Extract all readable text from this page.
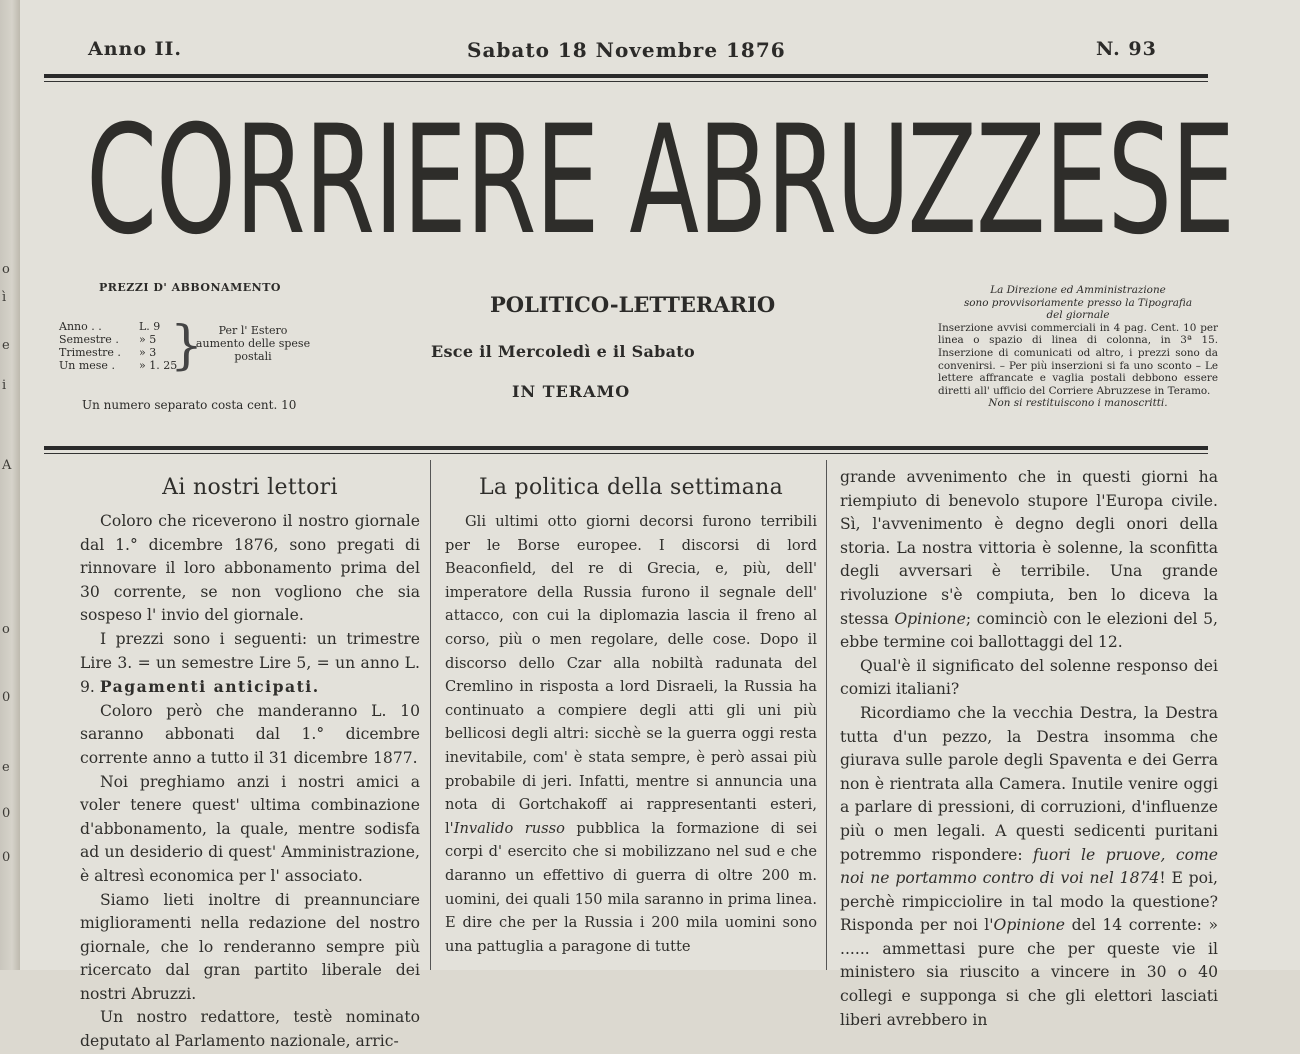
o
ì
e
i
A
o
0
e
0
0
Anno II.	Sabato 18 Novembre 1876	N. 93
CORRIERE ABRUZZESE
PREZZI D' ABBONAMENTO
Anno . .	L. 9
Semestre .	» 5
Trimestre .	» 3
Un mese .	» 1. 25
}	Per l' Estero aumento delle spese postali
Un numero separato costa cent. 10
POLITICO-LETTERARIO
Esce il Mercoledì e il Sabato
IN TERAMO

La Direzione ed Amministrazione

sono provvisoriamente presso la Tipografia

del giornale

Inserzione avvisi commerciali in 4 pag. Cent. 10 per linea o spazio di linea di colonna, in 3ª 15. Inserzione di comunicati od altro, i prezzi sono da convenirsi. – Per più inserzioni si fa uno sconto – Le lettere affrancate e vaglia postali debbono essere diretti all' ufficio del Corriere Abruzzese in Teramo.

Non si restituiscono i manoscritti.

Ai nostri lettori

Coloro che riceverono il nostro giornale dal 1.° dicembre 1876, sono pregati di rinnovare il loro abbonamento prima del 30 corrente, se non vogliono che sia sospeso l' invio del giornale.

I prezzi sono i seguenti: un trimestre Lire 3. = un semestre Lire 5, = un anno L. 9. Pagamenti anticipati.

Coloro però che manderanno L. 10 saranno abbonati dal 1.° dicembre corrente anno a tutto il 31 dicembre 1877.

Noi preghiamo anzi i nostri amici a voler tenere quest' ultima combinazione d'abbonamento, la quale, mentre sodisfa ad un desiderio di quest' Amministrazione, è altresì economica per l' associato.

Siamo lieti inoltre di preannunciare miglioramenti nella redazione del nostro giornale, che lo renderanno sempre più ricercato dal gran partito liberale dei nostri Abruzzi.

Un nostro redattore, testè nominato deputato al Parlamento nazionale, arric-

La politica della settimana

Gli ultimi otto giorni decorsi furono terribili per le Borse europee. I discorsi di lord Beaconfield, del re di Grecia, e, più, dell' imperatore della Russia furono il segnale dell' attacco, con cui la diplomazia lascia il freno al corso, più o men regolare, delle cose. Dopo il discorso dello Czar alla nobiltà radunata del Cremlino in risposta a lord Disraeli, la Russia ha continuato a compiere degli atti gli uni più bellicosi degli altri: sicchè se la guerra oggi resta inevitabile, com' è stata sempre, è però assai più probabile di jeri. Infatti, mentre si annuncia una nota di Gortchakoff ai rappresentanti esteri, l'Invalido russo pubblica la formazione di sei corpi d' esercito che si mobilizzano nel sud e che daranno un effettivo di guerra di oltre 200 m. uomini, dei quali 150 mila saranno in prima linea. E dire che per la Russia i 200 mila uomini sono una pattuglia a paragone di tutte

grande avvenimento che in questi giorni ha riempiuto di benevolo stupore l'Europa civile. Sì, l'avvenimento è degno degli onori della storia. La nostra vittoria è solenne, la sconfitta degli avversari è terribile. Una grande rivoluzione s'è compiuta, ben lo diceva la stessa Opinione; cominciò con le elezioni del 5, ebbe termine coi ballottaggi del 12.

Qual'è il significato del solenne responso dei comizi italiani?

Ricordiamo che la vecchia Destra, la Destra tutta d'un pezzo, la Destra insomma che giurava sulle parole degli Spaventa e dei Gerra non è rientrata alla Camera. Inutile venire oggi a parlare di pressioni, di corruzioni, d'influenze più o men legali. A questi sedicenti puritani potremmo rispondere: fuori le pruove, come noi ne portammo contro di voi nel 1874! E poi, perchè rimpicciolire in tal modo la questione? Risponda per noi l'Opinione del 14 corrente: » ...... ammettasi pure che per queste vie il ministero sia riuscito a vincere in 30 o 40 collegi e supponga si che gli elettori lasciati liberi avrebbero in
